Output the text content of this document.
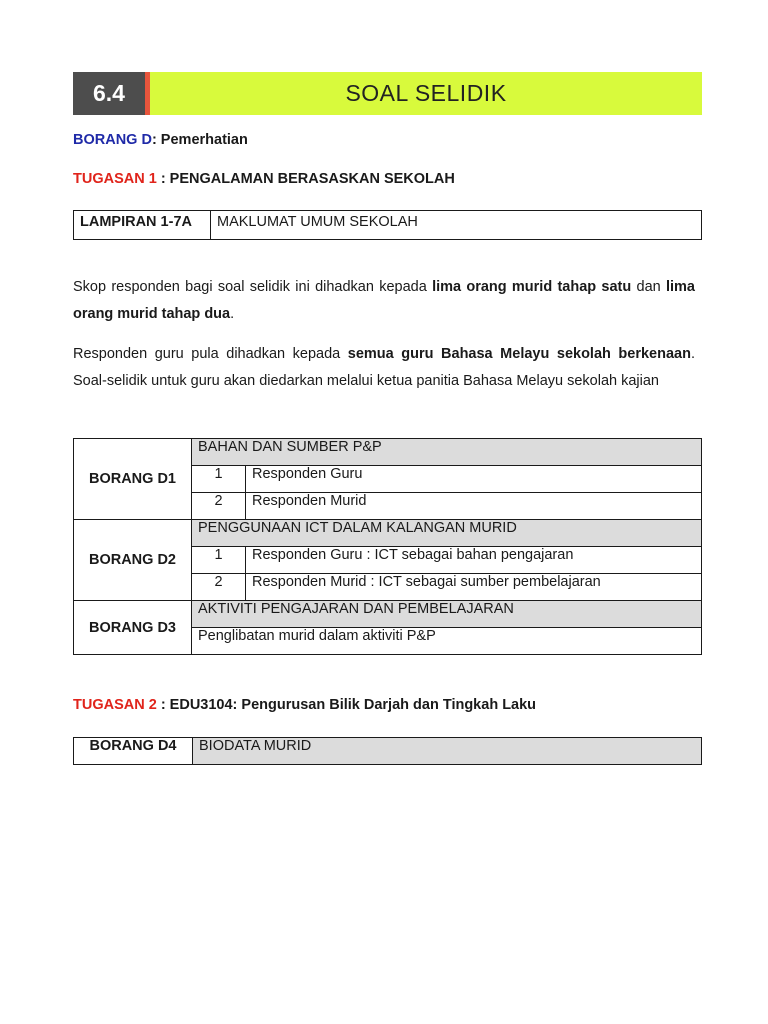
6.4	SOAL SELIDIK
BORANG D: Pemerhatian
TUGASAN 1 : PENGALAMAN BERASASKAN SEKOLAH
LAMPIRAN 1-7A	MAKLUMAT UMUM SEKOLAH
Skop responden bagi soal selidik ini dihadkan kepada lima orang murid tahap satu dan lima orang murid tahap dua.
Responden guru pula dihadkan kepada semua guru Bahasa Melayu sekolah berkenaan. Soal-selidik untuk guru akan diedarkan melalui ketua panitia Bahasa Melayu sekolah kajian
BORANG D1	BAHAN DAN SUMBER P&P	
	1	Responden Guru
	2	Responden Murid
BORANG D2	PENGGUNAAN ICT DALAM KALANGAN MURID	
	1	Responden Guru : ICT sebagai bahan pengajaran
	2	Responden Murid : ICT sebagai sumber pembelajaran
BORANG D3	AKTIVITI PENGAJARAN DAN PEMBELAJARAN	
	Penglibatan murid dalam aktiviti P&P	
TUGASAN 2 : EDU3104: Pengurusan Bilik Darjah dan Tingkah Laku
BORANG D4	BIODATA MURID
